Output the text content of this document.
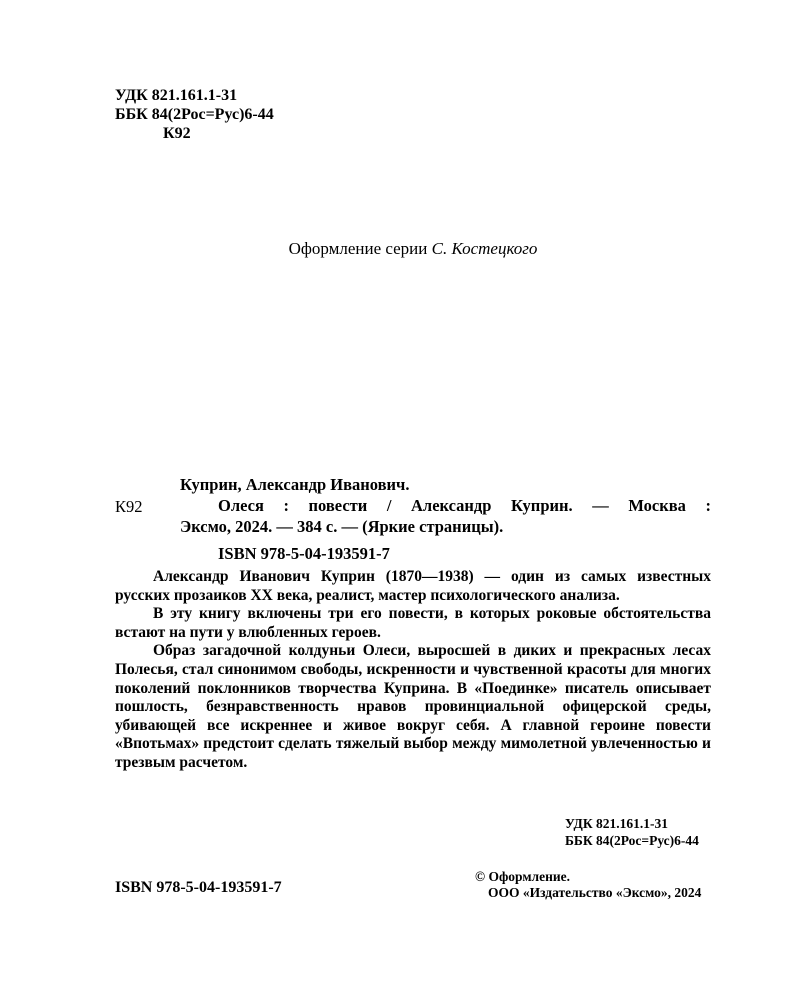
УДК 821.161.1-31
ББК 84(2Рос=Рус)6-44
К92
Оформление серии С. Костецкого
К92
Куприн, Александр Иванович.
Олеся : повести / Александр Куприн. — Москва :
Эксмо, 2024. — 384 с. — (Яркие страницы).
ISBN 978-5-04-193591-7

Александр Иванович Куприн (1870—1938) — один из самых известных русских прозаиков XX века, реалист, мастер психологического анализа.

В эту книгу включены три его повести, в которых роковые обстоятельства встают на пути у влюбленных героев.

Образ загадочной колдуньи Олеси, выросшей в диких и прекрасных лесах Полесья, стал синонимом свободы, искренности и чувственной красоты для многих поколений поклонников творчества Куприна. В «Поединке» писатель описывает пошлость, безнравственность нравов провинциальной офицерской среды, убивающей все искреннее и живое вокруг себя. А главной героине повести «Впотьмах» предстоит сделать тяжелый выбор между мимолетной увлеченностью и трезвым расчетом.

УДК 821.161.1-31
ББК 84(2Рос=Рус)6-44
ISBN 978-5-04-193591-7
© Оформление.
ООО «Издательство «Эксмо», 2024
